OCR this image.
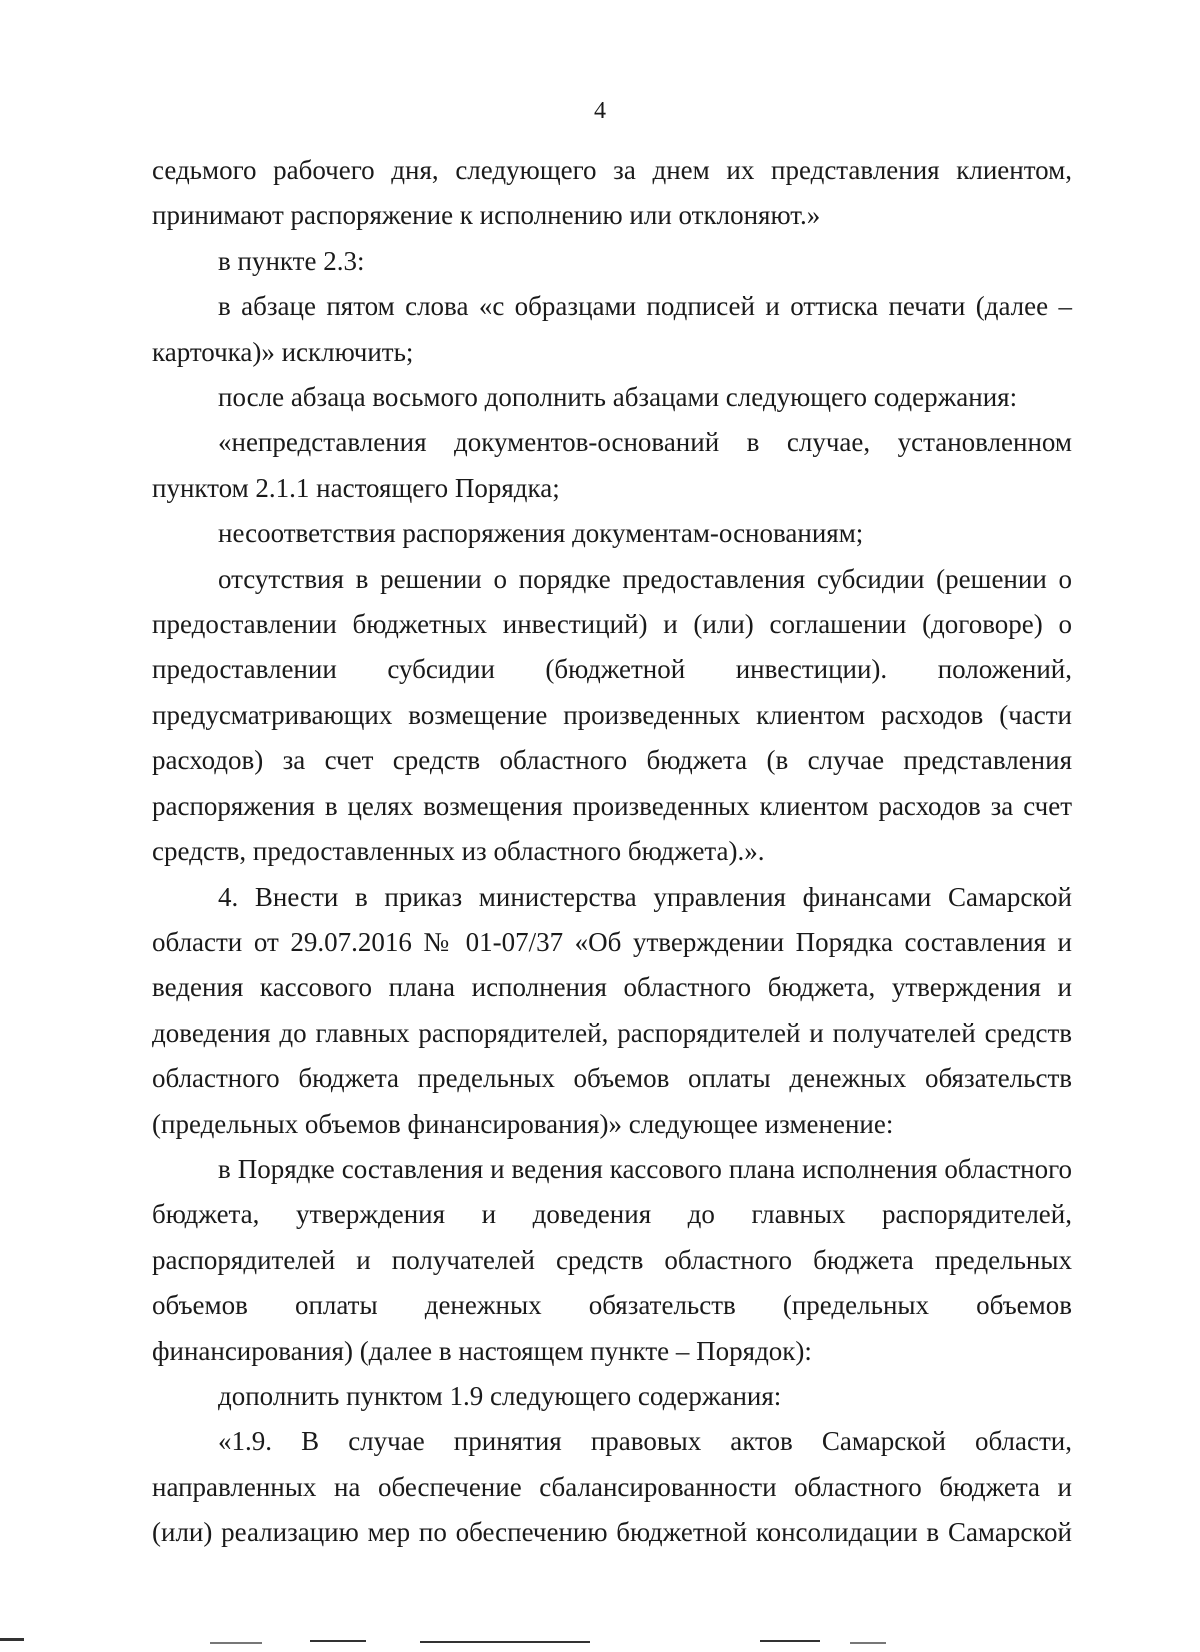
4

седьмого рабочего дня, следующего за днем их представления клиентом, принимают распоряжение к исполнению или отклоняют.»

в пункте 2.3:

в абзаце пятом слова «с образцами подписей и оттиска печати (далее – карточка)» исключить;

после абзаца восьмого дополнить абзацами следующего содержания:

«непредставления документов-оснований в случае, установленном пунктом 2.1.1 настоящего Порядка;

несоответствия распоряжения документам-основаниям;

отсутствия в решении о порядке предоставления субсидии (решении о предоставлении бюджетных инвестиций) и (или) соглашении (договоре) о предоставлении субсидии (бюджетной инвестиции). положений, предусматривающих возмещение произведенных клиентом расходов (части расходов) за счет средств областного бюджета (в случае представления распоряжения в целях возмещения произведенных клиентом расходов за счет средств, предоставленных из областного бюджета).».

4. Внести в приказ министерства управления финансами Самарской области от 29.07.2016 № 01-07/37 «Об утверждении Порядка составления и ведения кассового плана исполнения областного бюджета, утверждения и доведения до главных распорядителей, распорядителей и получателей средств областного бюджета предельных объемов оплаты денежных обязательств (предельных объемов финансирования)» следующее изменение:

в Порядке составления и ведения кассового плана исполнения областного бюджета, утверждения и доведения до главных распорядителей, распорядителей и получателей средств областного бюджета предельных объемов оплаты денежных обязательств (предельных объемов финансирования) (далее в настоящем пункте – Порядок):

дополнить пунктом 1.9 следующего содержания:

«1.9. В случае принятия правовых актов Самарской области, направленных на обеспечение сбалансированности областного бюджета и (или) реализацию мер по обеспечению бюджетной консолидации в Самарской
